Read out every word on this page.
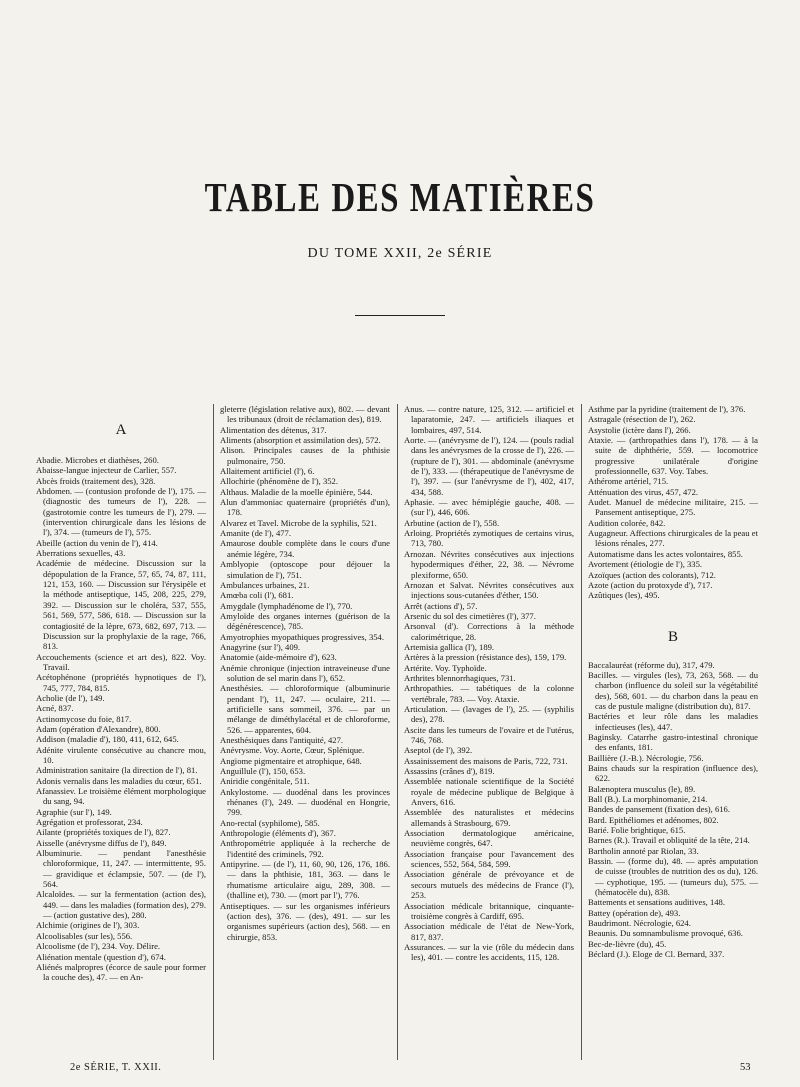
TABLE DES MATIÈRES
DU TOME XXII, 2e SÉRIE
A
Abadie. Microbes et diathèses, 260.
Abaisse-langue injecteur de Carlier, 557.
Abcès froids (traitement des), 328.
Abdomen. — (contusion profonde de l'), 175. — (diagnostic des tumeurs de l'), 228. — (gastrotomie contre les tumeurs de l'), 279. — (intervention chirurgicale dans les lésions de l'), 374. — (tumeurs de l'), 575.
Abeille (action du venin de l'), 414.
Aberrations sexuelles, 43.
Académie de médecine. Discussion sur la dépopulation de la France, 57, 65, 74, 87, 111, 121, 153, 160. — Discussion sur l'érysipèle et la méthode antiseptique, 145, 208, 225, 279, 392. — Discussion sur le choléra, 537, 555, 561, 569, 577, 586, 618. — Discussion sur la contagiosité de la lèpre, 673, 682, 697, 713. — Discussion sur la prophylaxie de la rage, 766, 813.
Accouchements (science et art des), 822. Voy. Travail.
Acétophénone (propriétés hypnotiques de l'), 745, 777, 784, 815.
Acholie (de l'), 149.
Acné, 837.
Actinomycose du foie, 817.
Adam (opération d'Alexandre), 800.
Addison (maladie d'), 180, 411, 612, 645.
Adénite virulente consécutive au chancre mou, 10.
Administration sanitaire (la direction de l'), 81.
Adonis vernalis dans les maladies du cœur, 651.
Afanassiev. Le troisième élément morphologique du sang, 94.
Agraphie (sur l'), 149.
Agrégation et professorat, 234.
Ailante (propriétés toxiques de l'), 827.
Aisselle (anévrysme diffus de l'), 849.
Albuminurie. — pendant l'anesthésie chloroformique, 11, 247. — intermittente, 95. — gravidique et éclampsie, 507. — (de l'), 564.
Alcaloïdes. — sur la fermentation (action des), 449. — dans les maladies (formation des), 279. — (action gustative des), 280.
Alchimie (origines de l'), 303.
Alcoolisables (sur les), 556.
Alcoolisme (de l'), 234. Voy. Délire.
Aliénation mentale (question d'), 674.
Aliénés malpropres (écorce de saule pour former la couche des), 47. — en An-
gleterre (législation relative aux), 802. — devant les tribunaux (droit de réclamation des), 819.
Alimentation des détenus, 317.
Aliments (absorption et assimilation des), 572.
Alison. Principales causes de la phthisie pulmonaire, 750.
Allaitement artificiel (l'), 6.
Allochirie (phénomène de l'), 352.
Althaus. Maladie de la moelle épinière, 544.
Alun d'ammoniac quaternaire (propriétés d'un), 178.
Alvarez et Tavel. Microbe de la syphilis, 521.
Amanite (de l'), 477.
Amaurose double complète dans le cours d'une anémie légère, 734.
Amblyopie (optoscope pour déjouer la simulation de l'), 751.
Ambulances urbaines, 21.
Amœba coli (l'), 681.
Amygdale (lymphadénome de l'), 770.
Amyloïde des organes internes (guérison de la dégénérescence), 785.
Amyotrophies myopathiques progressives, 354.
Anagyrine (sur l'), 409.
Anatomie (aide-mémoire d'), 623.
Anémie chronique (injection intraveineuse d'une solution de sel marin dans l'), 652.
Anesthésies. — chloroformique (albuminurie pendant l'), 11, 247. — oculaire, 211. — artificielle sans sommeil, 376. — par un mélange de diméthylacétal et de chloroforme, 526. — apparentes, 604.
Anesthésiques dans l'antiquité, 427.
Anévrysme. Voy. Aorte, Cœur, Splénique.
Angiome pigmentaire et atrophique, 648.
Anguillule (l'), 150, 653.
Aniridie congénitale, 511.
Ankylostome. — duodénal dans les provinces rhénanes (l'), 249. — duodénal en Hongrie, 799.
Ano-rectal (syphilome), 585.
Anthropologie (éléments d'), 367.
Anthropométrie appliquée à la recherche de l'identité des criminels, 792.
Antipyrine. — (de l'), 11, 60, 90, 126, 176, 186. — dans la phthisie, 181, 363. — dans le rhumatisme articulaire aigu, 289, 308. — (thalline et), 730. — (mort par l'), 776.
Antiseptiques. — sur les organismes inférieurs (action des), 376. — (des), 491. — sur les organismes supérieurs (action des), 568. — en chirurgie, 853.
Anus. — contre nature, 125, 312. — artificiel et laparatomie, 247. — artificiels iliaques et lombaires, 497, 514.
Aorte. — (anévrysme de l'), 124. — (pouls radial dans les anévrysmes de la crosse de l'), 226. — (rupture de l'), 301. — abdominale (anévrysme de l'), 333. — (thérapeutique de l'anévrysme de l'), 397. — (sur l'anévrysme de l'), 402, 417, 434, 588.
Aphasie. — avec hémiplégie gauche, 408. — (sur l'), 446, 606.
Arbutine (action de l'), 558.
Arloing. Propriétés zymotiques de certains virus, 713, 780.
Arnozan. Névrites consécutives aux injections hypodermiques d'éther, 22, 38. — Névrome plexiforme, 650.
Arnozan et Salvat. Névrites consécutives aux injections sous-cutanées d'éther, 150.
Arrêt (actions d'), 57.
Arsenic du sol des cimetières (l'), 377.
Arsonval (d'). Corrections à la méthode calorimétrique, 28.
Artemisia gallica (l'), 189.
Artères à la pression (résistance des), 159, 179.
Artérite. Voy. Typhoïde.
Arthrites blennorrhagiques, 731.
Arthropathies. — tabétiques de la colonne vertébrale, 783. — Voy. Ataxie.
Articulation. — (lavages de l'), 25. — (syphilis des), 278.
Ascite dans les tumeurs de l'ovaire et de l'utérus, 746, 768.
Aseptol (de l'), 392.
Assainissement des maisons de Paris, 722, 731.
Assassins (crânes d'), 819.
Assemblée nationale scientifique de la Société royale de médecine publique de Belgique à Anvers, 616.
Assemblée des naturalistes et médecins allemands à Strasbourg, 679.
Association dermatologique américaine, neuvième congrès, 647.
Association française pour l'avancement des sciences, 552, 564, 584, 599.
Association générale de prévoyance et de secours mutuels des médecins de France (l'), 253.
Association médicale britannique, cinquante-troisième congrès à Cardiff, 695.
Association médicale de l'état de New-York, 817, 837.
Assurances. — sur la vie (rôle du médecin dans les), 401. — contre les accidents, 115, 128.
Asthme par la pyridine (traitement de l'), 376.
Astragale (résection de l'), 262.
Asystolie (ictère dans l'), 266.
Ataxie. — (arthropathies dans l'), 178. — à la suite de diphthérie, 559. — locomotrice progressive unilatérale d'origine professionnelle, 637. Voy. Tabes.
Athérome artériel, 715.
Atténuation des virus, 457, 472.
Audet. Manuel de médecine militaire, 215. — Pansement antiseptique, 275.
Audition colorée, 842.
Augagneur. Affections chirurgicales de la peau et lésions rénales, 277.
Automatisme dans les actes volontaires, 855.
Avortement (étiologie de l'), 335.
Azoïques (action des colorants), 712.
Azote (action du protoxyde d'), 717.
Azûtiques (les), 495.
B
Baccalauréat (réforme du), 317, 479.
Bacilles. — virgules (les), 73, 263, 568. — du charbon (influence du soleil sur la végétabilité des), 568, 601. — du charbon dans la peau en cas de pustule maligne (distribution du), 817.
Bactéries et leur rôle dans les maladies infectieuses (les), 447.
Baginsky. Catarrhe gastro-intestinal chronique des enfants, 181.
Baillière (J.-B.). Nécrologie, 756.
Bains chauds sur la respiration (influence des), 622.
Balænoptera musculus (le), 89.
Ball (B.). La morphinomanie, 214.
Bandes de pansement (fixation des), 616.
Bard. Epithéliomes et adénomes, 802.
Barié. Folie brightique, 615.
Barnes (R.). Travail et obliquité de la tête, 214.
Bartholin annoté par Riolan, 33.
Bassin. — (forme du), 48. — après amputation de cuisse (troubles de nutrition des os du), 126. — cyphotique, 195. — (tumeurs du), 575. — (hématocèle du), 838.
Battements et sensations auditives, 148.
Battey (opération de), 493.
Baudrimont. Nécrologie, 624.
Beaunis. Du somnambulisme provoqué, 636.
Bec-de-lièvre (du), 45.
Béclard (J.). Eloge de Cl. Bernard, 337.
2e SÉRIE, T. XXII.	53
